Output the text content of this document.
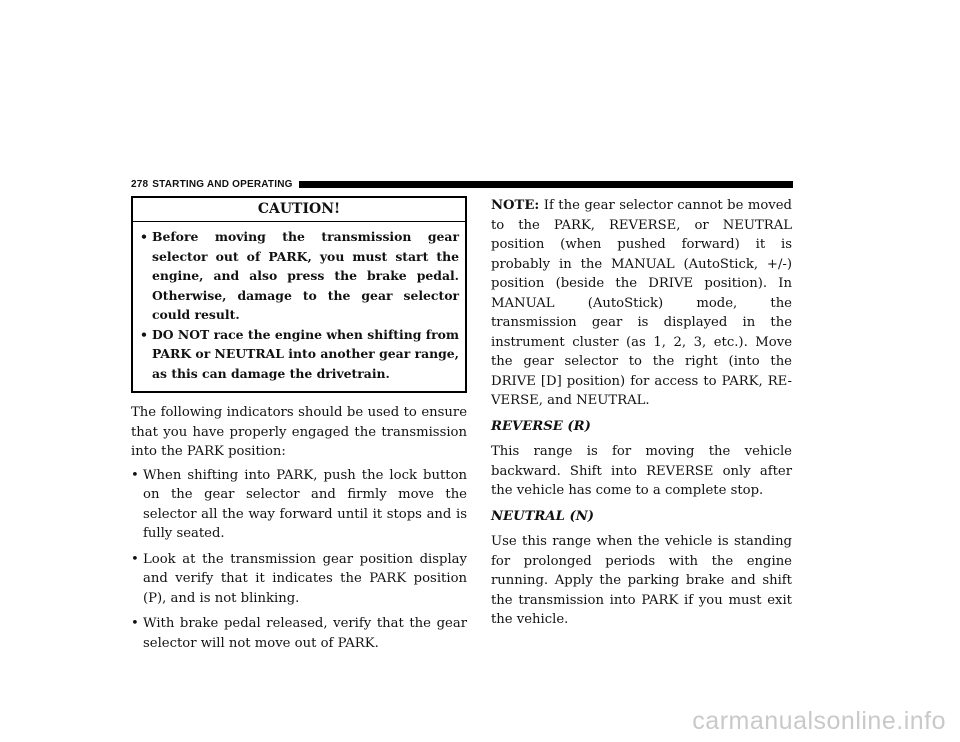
278 STARTING AND OPERATING
CAUTION!
• Before moving the transmission gear selector out of PARK, you must start the engine, and also press the brake pedal. Otherwise, damage to the gear selector could result.
• DO NOT race the engine when shifting from PARK or NEUTRAL into another gear range, as this can damage the drivetrain.

The following indicators should be used to ensure that you have properly engaged the transmission into the PARK position:

• When shifting into PARK, push the lock button on the gear selector and firmly move the selector all the way forward until it stops and is fully seated.
• Look at the transmission gear position display and verify that it indicates the PARK position (P), and is not blinking.
• With brake pedal released, verify that the gear selector will not move out of PARK.

NOTE: If the gear selector cannot be moved to the PARK, REVERSE, or NEUTRAL position (when pushed forward) it is probably in the MANUAL (AutoStick, +/-) position (beside the DRIVE position). In MANUAL (AutoStick) mode, the transmission gear is displayed in the instrument cluster (as 1, 2, 3, etc.). Move the gear selector to the right (into the DRIVE [D] position) for access to PARK, RE-VERSE, and NEUTRAL.

REVERSE (R)

This range is for moving the vehicle backward. Shift into REVERSE only after the vehicle has come to a complete stop.

NEUTRAL (N)

Use this range when the vehicle is standing for prolonged periods with the engine running. Apply the parking brake and shift the transmission into PARK if you must exit the vehicle.

carmanualsonline.info
